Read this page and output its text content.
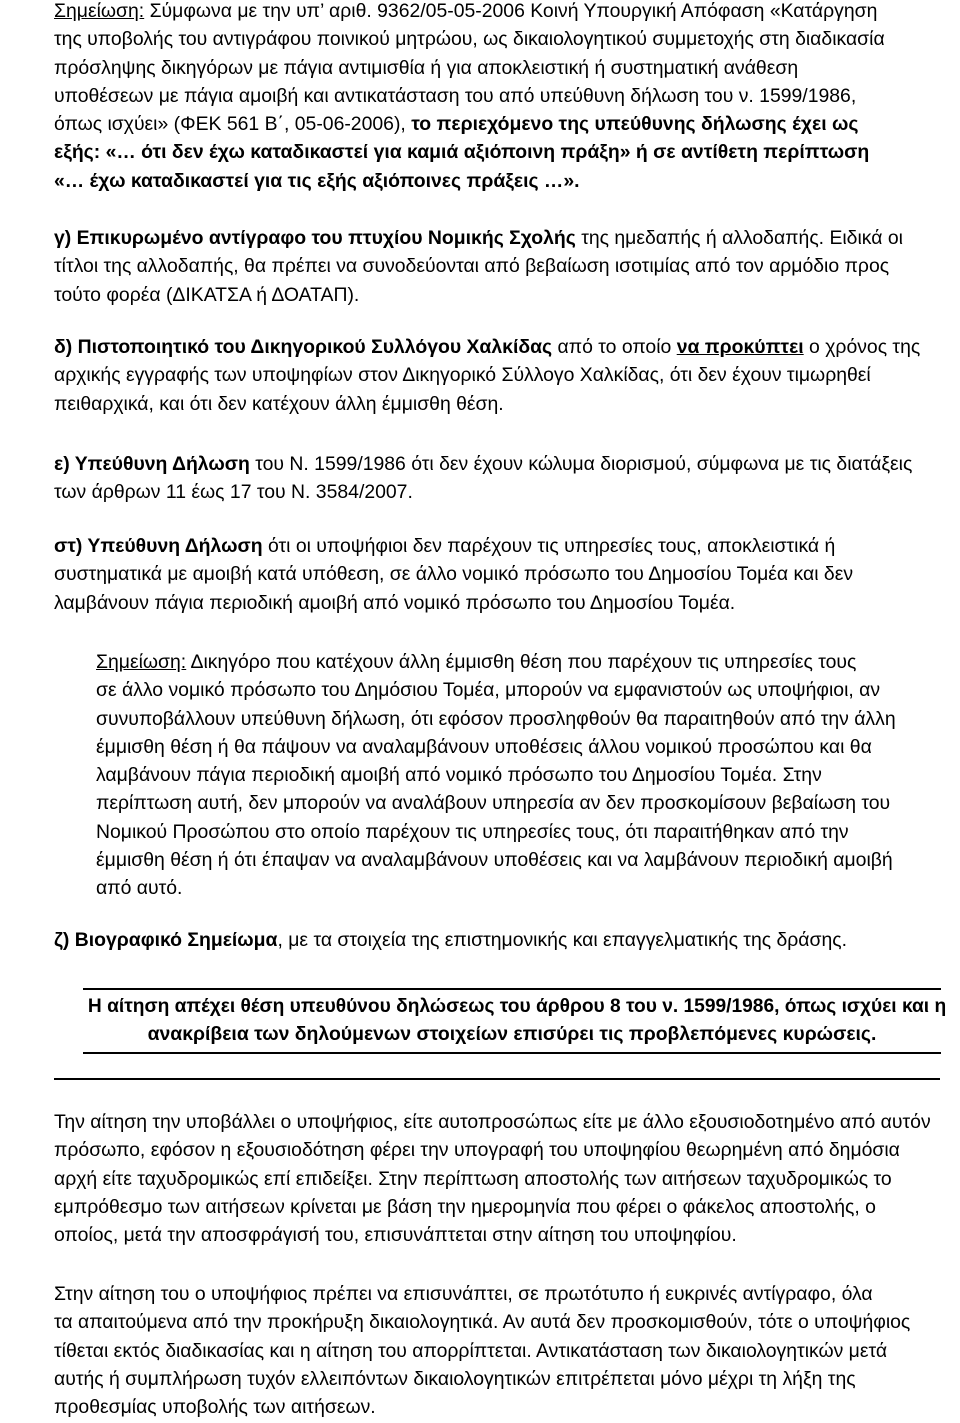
Σημείωση: Σύμφωνα με την υπ’ αριθ. 9362/05-05-2006 Κοινή Υπουργική Απόφαση «Κατάργηση
της υποβολής του αντιγράφου ποινικού μητρώου, ως δικαιολογητικού συμμετοχής στη διαδικασία
πρόσληψης δικηγόρων με πάγια αντιμισθία ή για αποκλειστική ή συστηματική ανάθεση
υποθέσεων με πάγια αμοιβή και αντικατάσταση του από υπεύθυνη δήλωση του ν. 1599/1986,
όπως ισχύει» (ΦΕΚ 561 Β΄, 05-06-2006), το περιεχόμενο της υπεύθυνης δήλωσης έχει ως
εξής: «… ότι δεν έχω καταδικαστεί για καμιά αξιόποινη πράξη» ή σε αντίθετη περίπτωση
«… έχω καταδικαστεί για τις εξής αξιόποινες πράξεις …».
γ) Επικυρωμένο αντίγραφο του πτυχίου Νομικής Σχολής της ημεδαπής ή αλλοδαπής. Ειδικά οι
τίτλοι της αλλοδαπής, θα πρέπει να συνοδεύονται από βεβαίωση ισοτιμίας από τον αρμόδιο προς
τούτο φορέα (ΔΙΚΑΤΣΑ ή ΔΟΑΤΑΠ).
δ) Πιστοποιητικό του Δικηγορικού Συλλόγου Χαλκίδας από το οποίο να προκύπτει ο χρόνος της
αρχικής εγγραφής των υποψηφίων στον Δικηγορικό Σύλλογο Χαλκίδας, ότι δεν έχουν τιμωρηθεί
πειθαρχικά, και ότι δεν κατέχουν άλλη έμμισθη θέση.
ε) Υπεύθυνη Δήλωση του Ν. 1599/1986 ότι δεν έχουν κώλυμα διορισμού, σύμφωνα με τις διατάξεις
των άρθρων 11 έως 17 του Ν. 3584/2007.
στ) Υπεύθυνη Δήλωση ότι οι υποψήφιοι δεν παρέχουν τις υπηρεσίες τους, αποκλειστικά ή
συστηματικά με αμοιβή κατά υπόθεση, σε άλλο νομικό πρόσωπο του Δημοσίου Τομέα και δεν
λαμβάνουν πάγια περιοδική αμοιβή από νομικό πρόσωπο του Δημοσίου Τομέα.
Σημείωση: Δικηγόρο που κατέχουν άλλη έμμισθη θέση που παρέχουν τις υπηρεσίες τους
σε άλλο νομικό πρόσωπο του Δημόσιου Τομέα, μπορούν να εμφανιστούν ως υποψήφιοι, αν
συνυποβάλλουν υπεύθυνη δήλωση, ότι εφόσον προσληφθούν θα παραιτηθούν από την άλλη
έμμισθη θέση ή θα πάψουν να αναλαμβάνουν υποθέσεις άλλου νομικού προσώπου και θα
λαμβάνουν πάγια περιοδική αμοιβή από νομικό πρόσωπο του Δημοσίου Τομέα. Στην
περίπτωση αυτή, δεν μπορούν να αναλάβουν υπηρεσία αν δεν προσκομίσουν βεβαίωση του
Νομικού Προσώπου στο οποίο παρέχουν τις υπηρεσίες τους, ότι παραιτήθηκαν από την
έμμισθη θέση ή ότι έπαψαν να αναλαμβάνουν υποθέσεις και να λαμβάνουν περιοδική αμοιβή
από αυτό.
ζ) Βιογραφικό Σημείωμα, με τα στοιχεία της επιστημονικής και επαγγελματικής της δράσης.
Η αίτηση απέχει θέση υπευθύνου δηλώσεως του άρθρου 8 του ν. 1599/1986, όπως ισχύει και η
ανακρίβεια των δηλούμενων στοιχείων επισύρει τις προβλεπόμενες κυρώσεις.
Την αίτηση την υποβάλλει ο υποψήφιος, είτε αυτοπροσώπως είτε με άλλο εξουσιοδοτημένο από αυτόν
πρόσωπο, εφόσον η εξουσιοδότηση φέρει την υπογραφή του υποψηφίου θεωρημένη από δημόσια
αρχή είτε ταχυδρομικώς επί επιδείξει. Στην περίπτωση αποστολής των αιτήσεων ταχυδρομικώς το
εμπρόθεσμο των αιτήσεων κρίνεται με βάση την ημερομηνία που φέρει ο φάκελος αποστολής, ο
οποίος, μετά την αποσφράγισή του, επισυνάπτεται στην αίτηση του υποψηφίου.
Στην αίτηση του ο υποψήφιος πρέπει να επισυνάπτει, σε πρωτότυπο ή ευκρινές αντίγραφο, όλα
τα απαιτούμενα από την προκήρυξη δικαιολογητικά. Αν αυτά δεν προσκομισθούν, τότε ο υποψήφιος
τίθεται εκτός διαδικασίας και η αίτηση του απορρίπτεται. Αντικατάσταση των δικαιολογητικών μετά
αυτής ή συμπλήρωση τυχόν ελλειπόντων δικαιολογητικών επιτρέπεται μόνο μέχρι τη λήξη της
προθεσμίας υποβολής των αιτήσεων.
